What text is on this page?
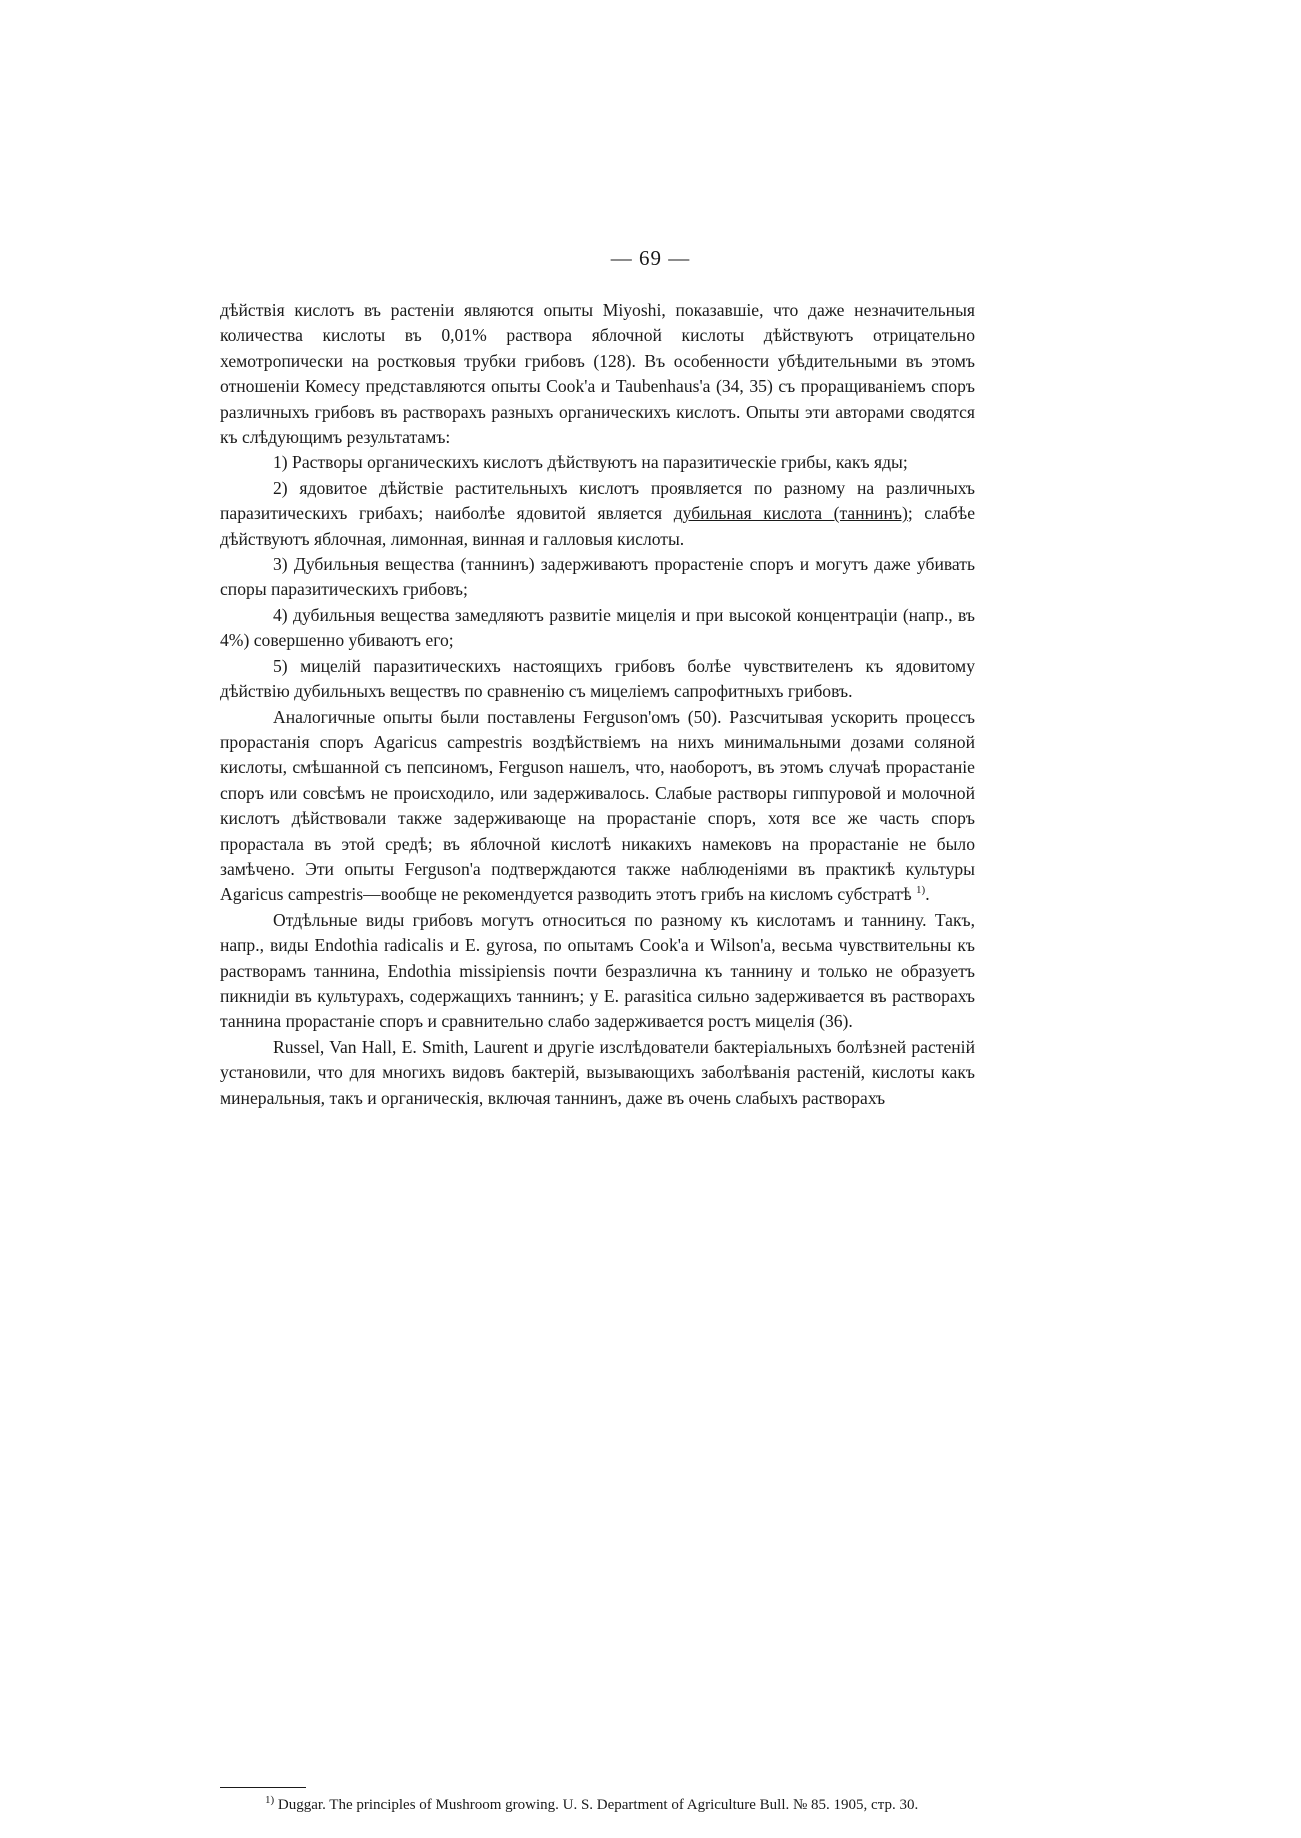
— 69 —

дѣйствія кислотъ въ растеніи являются опыты Miyoshi, показавшіе, что даже незначительныя количества кислоты въ 0,01% раствора яблочной кислоты дѣйствуютъ отрицательно хемотропически на ростковыя трубки грибовъ (128). Въ особенности убѣдительными въ этомъ отношеніи Комесу представляются опыты Cook'a и Taubenhaus'a (34, 35) съ проращиваніемъ споръ различныхъ грибовъ въ растворахъ разныхъ органическихъ кислотъ. Опыты эти авторами сводятся къ слѣдующимъ результатамъ:

1) Растворы органическихъ кислотъ дѣйствуютъ на паразитическіе грибы, какъ яды;

2) ядовитое дѣйствіе растительныхъ кислотъ проявляется по разному на различныхъ паразитическихъ грибахъ; наиболѣе ядовитой является дубильная кислота (таннинъ); слабѣе дѣйствуютъ яблочная, лимонная, винная и галловыя кислоты.

3) Дубильныя вещества (таннинъ) задерживаютъ прорастеніе споръ и могутъ даже убивать споры паразитическихъ грибовъ;

4) дубильныя вещества замедляютъ развитіе мицелія и при высокой концентраціи (напр., въ 4%) совершенно убиваютъ его;

5) мицелій паразитическихъ настоящихъ грибовъ болѣе чувствителенъ къ ядовитому дѣйствію дубильныхъ веществъ по сравненію съ мицеліемъ сапрофитныхъ грибовъ.

Аналогичные опыты были поставлены Ferguson'омъ (50). Разсчитывая ускорить процессъ прорастанія споръ Agaricus campestris воздѣйствіемъ на нихъ минимальными дозами соляной кислоты, смѣшанной съ пепсиномъ, Ferguson нашелъ, что, наоборотъ, въ этомъ случаѣ прорастаніе споръ или совсѣмъ не происходило, или задерживалось. Слабые растворы гиппуровой и молочной кислотъ дѣйствовали также задерживающе на прорастаніе споръ, хотя все же часть споръ прорастала въ этой средѣ; въ яблочной кислотѣ никакихъ намековъ на прорастаніе не было замѣчено. Эти опыты Ferguson'a подтверждаются также наблюденіями въ практикѣ культуры Agaricus campestris—вообще не рекомендуется разводить этотъ грибъ на кисломъ субстратѣ $^{1)}$.

Отдѣльные виды грибовъ могутъ относиться по разному къ кислотамъ и таннину. Такъ, напр., виды Endothia radicalis и E. gyrosa, по опытамъ Cook'a и Wilson'a, весьма чувствительны къ растворамъ таннина, Endothia missipiensis почти безразлична къ таннину и только не образуетъ пикнидіи въ культурахъ, содержащихъ таннинъ; у E. parasitica сильно задерживается въ растворахъ таннина прорастаніе споръ и сравнительно слабо задерживается ростъ мицелія (36).

Russel, Van Hall, E. Smith, Laurent и другіе изслѣдователи бактеріальныхъ болѣзней растеній установили, что для многихъ видовъ бактерій, вызывающихъ заболѣванія растеній, кислоты какъ минеральныя, такъ и органическія, включая таннинъ, даже въ очень слабыхъ растворахъ

$^{1)}$ Duggar. The principles of Mushroom growing. U. S. Department of Agriculture Bull. № 85. 1905, стр. 30.
